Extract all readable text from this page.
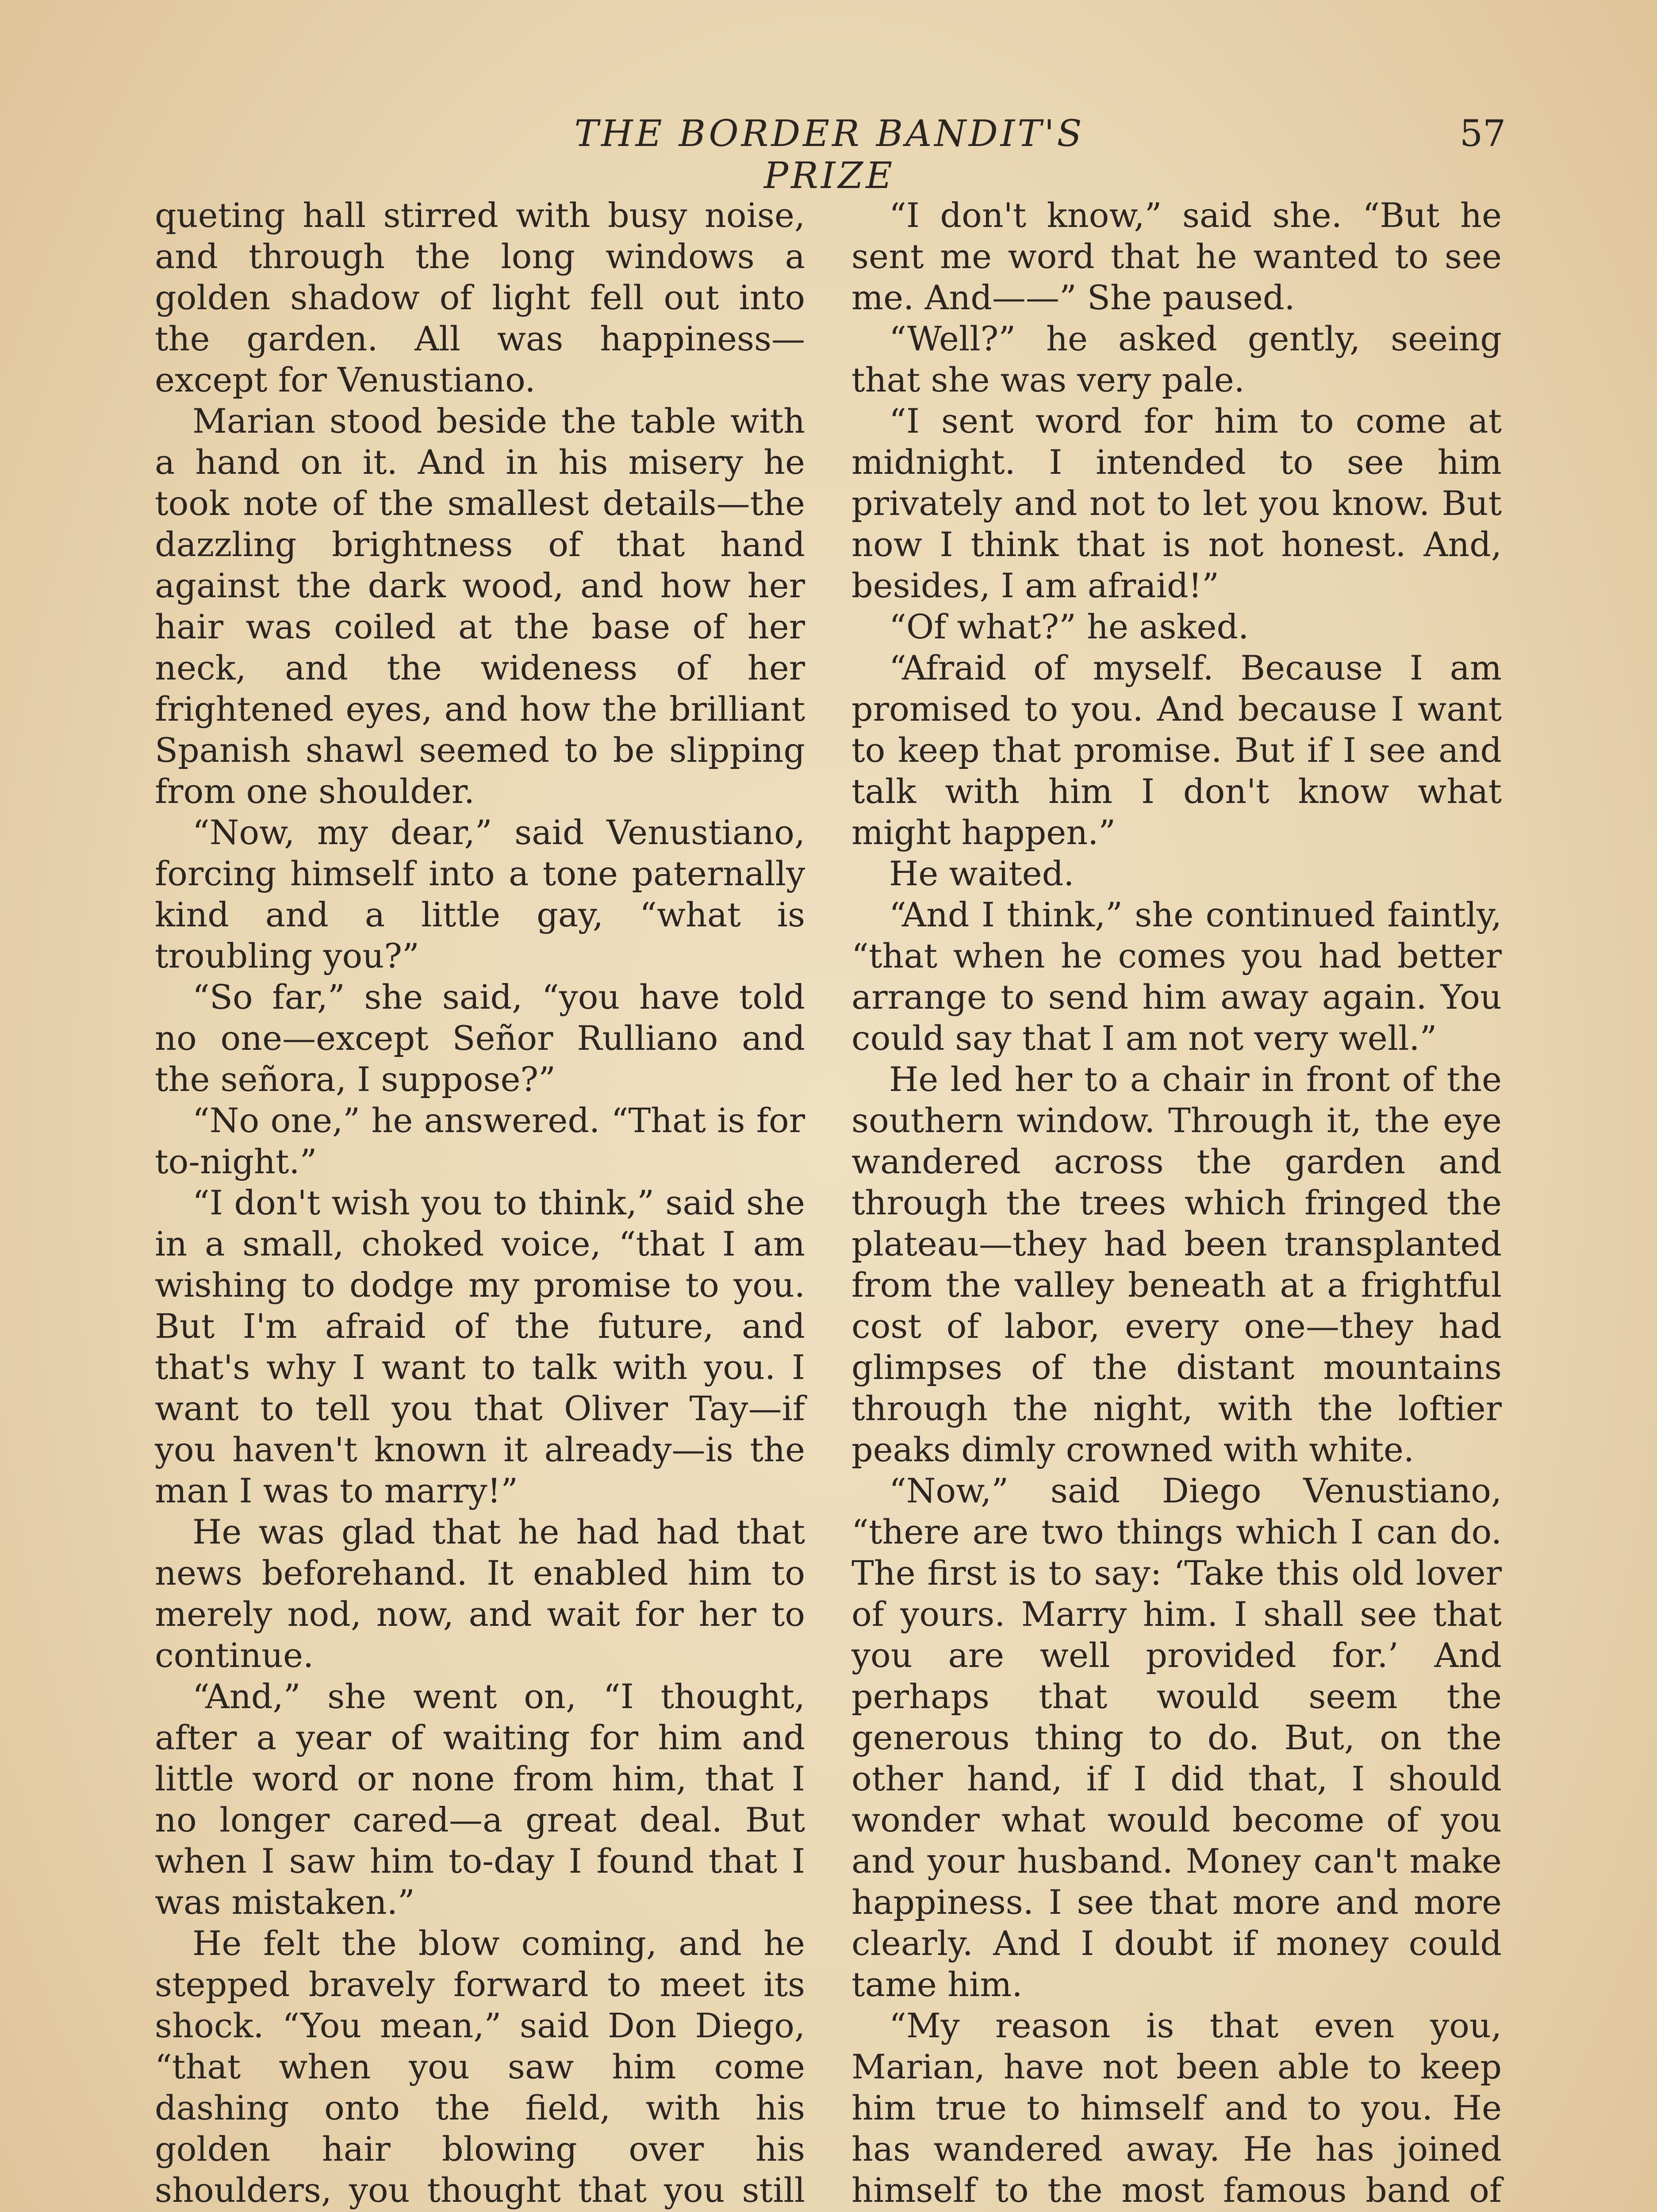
THE BORDER BANDIT'S PRIZE
57

queting hall stirred with busy noise, and through the long windows a golden shadow of light fell out into the garden. All was happiness—except for Venustiano.

Marian stood beside the table with a hand on it. And in his misery he took note of the smallest details—the dazzling brightness of that hand against the dark wood, and how her hair was coiled at the base of her neck, and the wideness of her frightened eyes, and how the brilliant Spanish shawl seemed to be slipping from one shoulder.

“Now, my dear,” said Venustiano, forcing himself into a tone paternally kind and a little gay, “what is troubling you?”

“So far,” she said, “you have told no one—except Señor Rulliano and the señora, I suppose?”

“No one,” he answered. “That is for to-night.”

“I don't wish you to think,” said she in a small, choked voice, “that I am wishing to dodge my promise to you. But I'm afraid of the future, and that's why I want to talk with you. I want to tell you that Oliver Tay—if you haven't known it already—is the man I was to marry!”

He was glad that he had had that news beforehand. It enabled him to merely nod, now, and wait for her to continue.

“And,” she went on, “I thought, after a year of waiting for him and little word or none from him, that I no longer cared—a great deal. But when I saw him to-day I found that I was mistaken.”

He felt the blow coming, and he stepped bravely forward to meet its shock. “You mean,” said Don Diego, “that when you saw him come dashing onto the field, with his golden hair blowing over his shoulders, you thought that you still

“I don't know,” said she. “But he sent me word that he wanted to see me. And——” She paused.

“Well?” he asked gently, seeing that she was very pale.

“I sent word for him to come at midnight. I intended to see him privately and not to let you know. But now I think that is not honest. And, besides, I am afraid!”

“Of what?” he asked.

“Afraid of myself. Because I am promised to you. And because I want to keep that promise. But if I see and talk with him I don't know what might happen.”

He waited.

“And I think,” she continued faintly, “that when he comes you had better arrange to send him away again. You could say that I am not very well.”

He led her to a chair in front of the southern window. Through it, the eye wandered across the garden and through the trees which fringed the plateau—they had been transplanted from the valley beneath at a frightful cost of labor, every one—they had glimpses of the distant mountains through the night, with the loftier peaks dimly crowned with white.

“Now,” said Diego Venustiano, “there are two things which I can do. The first is to say: ‘Take this old lover of yours. Marry him. I shall see that you are well provided for.’ And perhaps that would seem the generous thing to do. But, on the other hand, if I did that, I should wonder what would become of you and your husband. Money can't make happiness. I see that more and more clearly. And I doubt if money could tame him.

“My reason is that even you, Marian, have not been able to keep him true to himself and to you. He has wandered away. He has joined himself to the most famous band of
